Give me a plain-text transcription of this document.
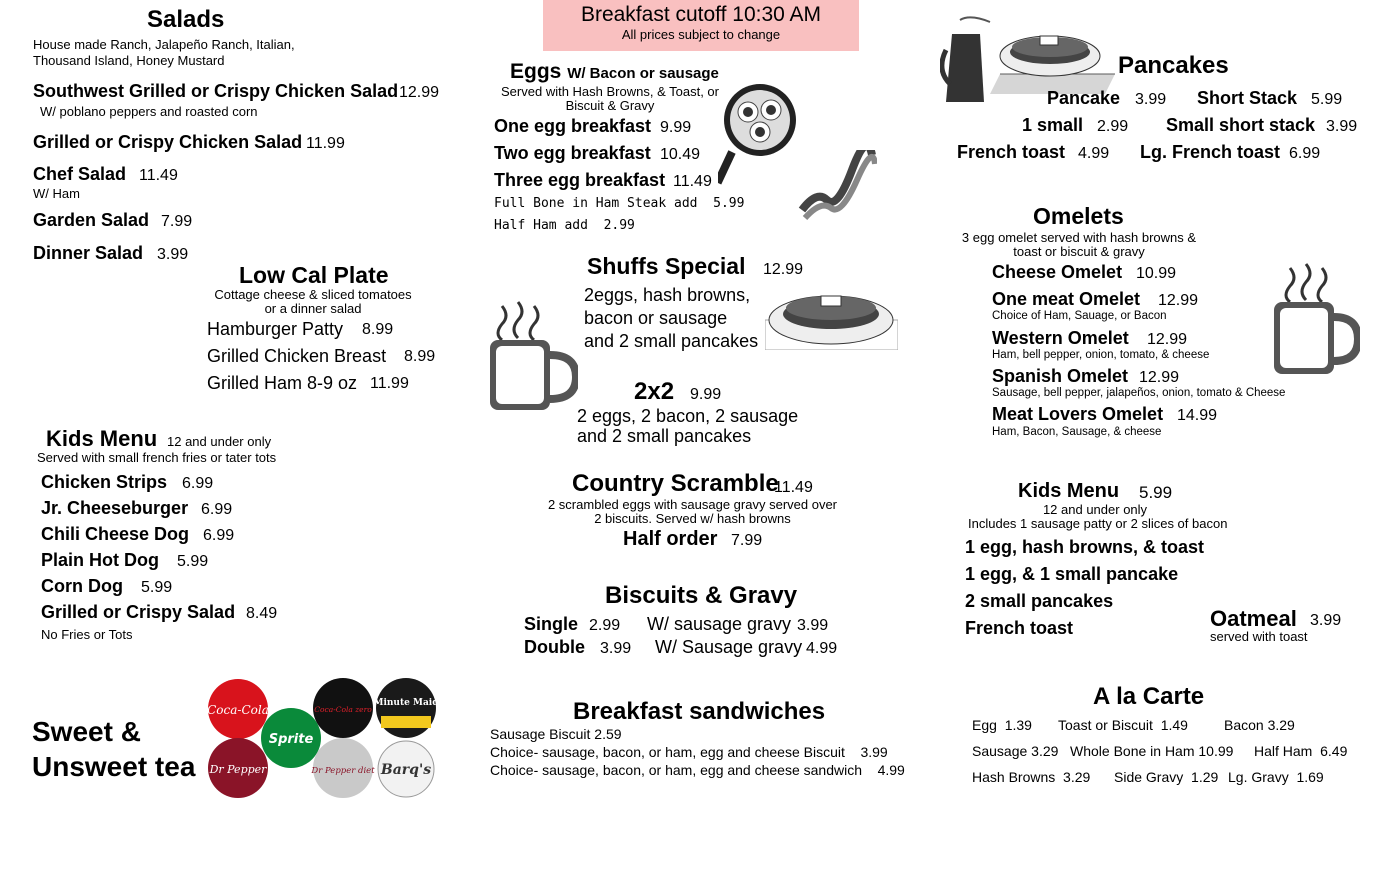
Salads
House made Ranch, Jalapeño Ranch, Italian,
Thousand Island, Honey Mustard
Southwest Grilled or Crispy Chicken Salad 12.99
W/ poblano peppers and roasted corn
Grilled or Crispy Chicken Salad 11.99
Chef Salad 11.49
W/ Ham
Garden Salad 7.99
Dinner Salad 3.99
Low Cal Plate
Cottage cheese & sliced tomatoes
or a dinner salad
Hamburger Patty 8.99
Grilled Chicken Breast 8.99
Grilled Ham 8-9 oz 11.99
Kids Menu 12 and under only
Served with small french fries or tater tots
Chicken Strips 6.99
Jr. Cheeseburger 6.99
Chili Cheese Dog 6.99
Plain Hot Dog 5.99
Corn Dog 5.99
Grilled or Crispy Salad 8.49
No Fries or Tots
Sweet &
Unsweet tea
Coca-Cola
Dr Pepper
Sprite
Coca-Cola zero
Dr Pepper diet
Minute Maid
Barq's
Breakfast cutoff 10:30 AM
All prices subject to change
Eggs W/ Bacon or sausage
Served with Hash Browns, & Toast, or
Biscuit & Gravy
One egg breakfast 9.99
Two egg breakfast 10.49
Three egg breakfast 11.49
Full Bone in Ham Steak add 5.99
Half Ham add 2.99
Shuffs Special 12.99
2eggs, hash browns,
bacon or sausage
and 2 small pancakes
2x2 9.99
2 eggs, 2 bacon, 2 sausage
and 2 small pancakes
Country Scramble
11.49
2 scrambled eggs with sausage gravy served over
2 biscuits. Served w/ hash browns
Half order 7.99
Biscuits & Gravy
Single 2.99 W/ sausage gravy 3.99
Double 3.99 W/ Sausage gravy 4.99
Breakfast sandwiches
Sausage Biscuit 2.59
Choice- sausage, bacon, or ham, egg and cheese Biscuit    3.99
Choice- sausage, bacon, or ham, egg and cheese sandwich    4.99
Pancakes
Pancake 3.99 Short Stack 5.99
1 small 2.99 Small short stack 3.99
French toast 4.99 Lg. French toast 6.99
Omelets
3 egg omelet served with hash browns &
toast or biscuit & gravy
Cheese Omelet 10.99
One meat Omelet 12.99
Choice of Ham, Sauage, or Bacon
Western Omelet 12.99
Ham, bell pepper, onion, tomato, & cheese
Spanish Omelet 12.99
Sausage, bell pepper, jalapeños, onion, tomato & Cheese
Meat Lovers Omelet 14.99
Ham, Bacon, Sausage, & cheese
Kids Menu 5.99
12 and under only
Includes 1 sausage patty or 2 slices of bacon
1 egg, hash browns, & toast
1 egg, & 1 small pancake
2 small pancakes
French toast	Oatmeal 3.99
served with toast
A la Carte
Egg  1.39 Toast or Biscuit  1.49	Bacon 3.29
Sausage 3.29 Whole Bone in Ham 10.99 Half Ham  6.49
Hash Browns  3.29 Side Gravy  1.29 Lg. Gravy  1.69
